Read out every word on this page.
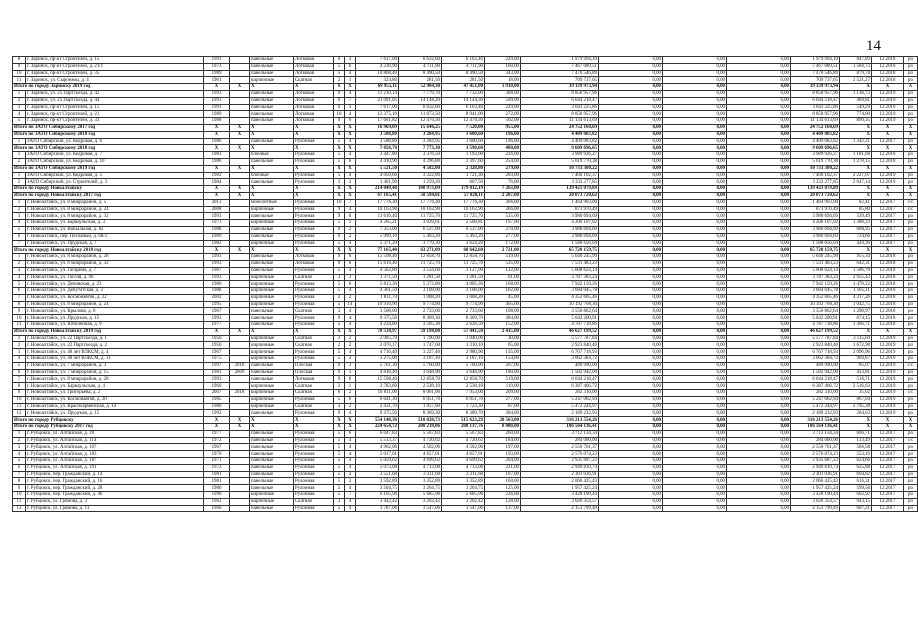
14
8	г. Заринск, пр-кт Строителей, д. 15	1991		панельные	Лотковая	9	3	7 617,00	6 632,60	6 163,40	229,00	1 979 994,10	0,00	0,00	0,00	1 979 994,10	847,89	12.2018	ро
9	г. Заринск, пр-кт Строителей, д. 21/1	1973		панельные	Лотковая	5	6	4 236,90	4 711,90	4 711,90	160,00	7 467 089,51	0,00	0,00	0,00	7 467 089,51	1 584,73	12.2018	ро
10	г. Заринск, пр-кт Строителей, д. 35	1989		панельные	Лотковая	5	4	10 808,40	8 490,50	8 490,50	343,00	7 470 546,89	0,00	0,00	0,00	7 470 546,89	879,78	12.2018	ро
11	г. Заринск, ул. Сыроежко, д. 4	1961		кирпичные	Скатная	2	1	324,80	281,50	281,50	18,00	709 737,65	0,00	0,00	0,00	709 737,65	2 521,27	12.2018	ро
Итого по городу Заринску 2019 год		X	X	X	X	X	X	69 955,11	52 904,30	47 451,00	1 910,00	39 139 973,94	0,00	0,00	0,00	39 139 973,94	X	X	X
1	г. Заринск, ул. 25 Партсъезда, д. 42	1993		панельные	Лотковая	9	4	11 210,14	7 779,70	7 732,00	308,00	8 858 957,96	0,00	0,00	0,00	8 858 957,96	1 138,73	12.2019	ро
2	г. Заринск, ул. 25 Партсъезда, д. 44	1993		панельные	Лотковая	9	7	21 091,05	14 148,20	14 144,30	599,00	6 644 218,47	0,00	0,00	0,00	6 644 218,47	469,81	12.2019	ро
3	г. Заринск, пр-кт Строителей, д. 15	1991		панельные	Лотковая	9	3	7 617,00	6 632,60	6 163,40	229,00	3 643 225,86	0,00	0,00	0,00	3 643 225,86	549,29	12.2019	ро
4	г. Заринск, пр-кт Строителей, д. 21	1989		панельные	Лотковая	10	4	12 375,10	11 873,50	8 941,00	272,00	8 858 957,96	0,00	0,00	0,00	8 858 957,96	774,00	12.2019	ро
5	г. Заринск, пр-кт Строителей, д. 33	1988		панельные	Лотковая	9	6	17 661,82	12 470,30	12 470,30	502,00	11 134 613,69	0,00	0,00	0,00	11 134 613,69	890,35	12.2019	ро
Итого по ЗАТО Сибирскому 2017 год		X	X	X	X	X	X	16 969,09	15 646,25	7 520,00	955,00	24 752 160,69	0,00	0,00	0,00	24 752 160,69	X	X	X
Итого по ЗАТО Сибирскому 2018 год		X	X	X	X	X	X	3 588,80	3 284,95	1 600,60	196,00	4 409 083,82	0,00	0,00	0,00	4 409 083,82	X	X	X
1	ЗАТО Сибирский, ул. Кедровая, д. 6	1986		панельные	Рулонная	5	4	3 588,80	3 284,95	1 600,60	196,00	4 409 083,82	0,00	0,00	0,00	4 409 083,82	1 342,21	12.2017	ро
Итого по ЗАТО Сибирскому 2018 год		X	X	X	X	X	X	7 858,70	7 773,30	3 590,60	480,00	9 609 696,65	0,00	0,00	0,00	9 609 696,65	X	X	X
1	ЗАТО Сибирский, ул. Кедровая, д. 7	1983		блочные	Рулонная	5	4	3 447,80	3 376,50	1 193,00	226,00	3 989 926,27	0,00	0,00	0,00	3 989 926,27	1 181,68	12.2018	ро
2	ЗАТО Сибирский, ул. Кедровая, д. 10	1986		панельные	Рулонная	5	6	4 410,90	4 396,80	2 397,60	254,00	5 619 770,38	0,00	0,00	0,00	5 619 770,38	1 278,15	12.2018	ро
Итого по ЗАТО Сибирскому 2019 год		X	X	X	X	X	X	5 521,50	4 582,00	2 328,80	279,00	10 733 380,22	0,00	0,00	0,00	10 733 380,22	X	X	X
1	ЗАТО Сибирский, ул. Кедровая, д. 5	1982		блочные	Рулонная	5	4	4 059,60	3 322,80	1 721,30	203,00	7 400 102,37	0,00	0,00	0,00	7 400 102,37	2 227,07	12.2019	ро
2	ЗАТО Сибирский, ул. Строителей, д. 3	1984		панельные	Рулонная	3	3	1 461,90	1 259,20	607,50	76,00	3 333 277,85	0,00	0,00	0,00	3 333 277,85	2 647,14	12.2019	ро
Итого по городу Новоалтайску		X	X	X	X	X	X	214 849,48	180 973,09	179 012,19	7 263,00	139 421 079,89	0,00	0,00	0,00	139 421 079,89	X	X	X
Итого по городу Новоалтайску 2017 год		X	X	X	X	X	X	67 165,41	58 594,01	57 828,11	2 207,00	20 073 720,62	0,00	0,00	0,00	20 073 720,62	X	X	X
1	г. Новоалтайск, ул. 8 микрорайон, д. 5	2013		монолитные	Рулонная	10	7	17 776,30	17 776,30	17 776,30	366,00	1 464 903,00	0,00	0,00	0,00	1 464 903,00	82,41	12.2017	с/с
2	г. Новоалтайск, ул. 8 микрорайон, д. 24	2008		кирпичные	Рулонная	9	4	10 163,90	10 162,90	10 162,90	366,00	871 970,49	0,00	0,00	0,00	871 970,49	85,80	12.2017	с/с
3	г. Новоалтайск, ул. 8 микрорайон, д. 32	1993		панельные	Рулонная	9	6	11 616,40	11 725,70	11 725,70	535,00	3 980 694,69	0,00	0,00	0,00	3 980 694,69	339,49	12.2017	ро
4	г. Новоалтайск, ул. Барнаульская, д. 3	1971		кирпичные	Рулонная	5	1	4 265,21	3 029,61	2 508,81	197,00	4 206 107,02	0,00	0,00	0,00	4 206 107,02	1 388,33	12.2017	ро
5	г. Новоалтайск, ул. Вокзальная, д. 82	1988		панельные	Рулонная	9	2	7 353,00	6 537,00	6 537,00	270,00	3 980 694,69	0,00	0,00	0,00	3 980 694,69	608,95	12.2017	ро
6	г. Новоалтайск, пер. Песчаный, д. 68/2	1989		панельные	Рулонная	9	2	5 999,10	5 493,20	5 493,20	277,00	3 980 694,69	0,00	0,00	0,00	3 980 694,69	724,66	12.2017	ро
7	г. Новоалтайск, ул. Прудская, д. 7	1982		кирпичные	Рулонная	5	4	5 371,20	3 779,30	3 624,20	172,00	1 588 656,04	0,00	0,00	0,00	1 588 656,04	420,36	12.2017	ро
Итого по городу Новоалтайску 2018 год		X	X	X	X	X	X	77 165,40	63 271,09	60 642,60	2 721,00	65 720 159,75	0,00	0,00	0,00	65 720 159,75	X	X	X
1	г. Новоалтайск, ул. 8 микрорайон, д. 28	1993		панельные	Лотковая	9	6	15 598,40	12 858,70	12 858,70	519,00	5 640 245,99	0,00	0,00	0,00	5 640 245,99	955,34	12.2018	ро
2	г. Новоалтайск, ул. 8 микрорайон, д. 32	1993		панельные	Лотковая	9	6	15 616,40	11 725,70	11 725,70	535,00	7 531 483,23	0,00	0,00	0,00	7 531 483,23	642,31	12.2018	ро
3	г. Новоалтайск, ул. Гагарина, д. 7	1967		панельные	Рулонная	5	4	4 563,80	3 534,60	3 127,90	122,00	5 608 624,14	0,00	0,00	0,00	5 608 624,14	1 586,78	12.2018	ро
4	г. Новоалтайск, ул. Гоголя, д. 96	1993		кирпичные	Скатная	3	3	1 371,50	1 281,50	1 281,50	61,00	3 787 383,24	0,00	0,00	0,00	3 787 383,24	2 955,43	12.2018	ро
5	г. Новоалтайск, ул. Деповская, д. 23	1980		кирпичные	Рулонная	5	6	5 813,30	5 372,80	4 005,30	168,00	7 942 159,26	0,00	0,00	0,00	7 942 159,26	1 478,22	12.2018	ро
6	г. Новоалтайск, ул. Депутатская, д. 2	1988		кирпичные	Рулонная	5	4	4 361,50	3 108,00	3 108,00	162,00	3 684 045,78	0,00	0,00	0,00	3 684 045,78	1 185,11	12.2018	ро
7	г. Новоалтайск, ул. Космонавтов, д. 22	2002		кирпичные	Рулонная	2	2	1 811,70	1 008,20	1 008,20	45,00	4 352 665,46	0,00	0,00	0,00	4 352 665,46	4 317,26	12.2018	ро
8	г. Новоалтайск, ул. 8 микрорайон, д. 24	1995		кирпичные	Рулонная	5	14	10 910,90	9 774,90	9 774,90	465,00	10 192 768,30	0,00	0,00	0,00	10 192 768,30	1 042,75	12.2018	ро
9	г. Новоалтайск, ул. Крылова, д. 8	1967		панельные	Скатная	3	4	3 508,00	2 733,60	2 733,60	108,00	3 550 862,64	0,00	0,00	0,00	3 550 862,64	1 298,97	12.2018	ро
10	г. Новоалтайск, ул. Прудская, д. 15	1992		панельные	Рулонная	9	4	9 375,50	8 369,30	8 369,70	384,00	5 642 200,91	0,00	0,00	0,00	5 642 200,91	674,15	12.2018	ро
11	г. Новоалтайск, ул. Юбилейная, д. 9	1977		панельные	Рулонная	5	4	4 234,80	3 505,30	2 628,50	152,00	4 787 718,86	0,00	0,00	0,00	4 787 718,86	1 366,71	12.2018	ро
Итого по городу Новоалтайску 2019 год		X	X	X	X	X	X	70 538,97	59 198,08	57 441,50	2 415,00	46 627 199,52	0,00	0,00	0,00	46 627 199,52	X	X	X
1	г. Новоалтайск, ул. 22 Партсъезда, д. 1	1950		кирпичные	Скатная	3	2	2 005,70	1 790,00	1 040,00	30,00	5 577 787,84	0,00	0,00	0,00	5 577 787,84	3 115,04	12.2019	ро
2	г. Новоалтайск, ул. 22 Партсъезда, д. 2	1956		кирпичные	Скатная	2	2	2 070,17	1 747,68	1 310,10	65,00	2 923 840,40	0,00	0,00	0,00	2 923 840,40	1 672,98	12.2019	ро
3	г. Новоалтайск, ул. 40 лет ВЛКСМ, д. 4	1967		кирпичные	Рулонная	5	4	4 716,40	3 227,40	2 980,90	135,00	6 767 718,93	0,00	0,00	0,00	6 767 718,93	2 096,96	12.2019	ро
4	г. Новоалтайск, ул. 40 лет ВЛКСМ, д. 11	1975		кирпичные	Рулонная	5	3	3 275,00	3 187,10	3 187,10	154,00	3 062 384,72	0,00	0,00	0,00	3 062 384,72	960,87	12.2019	ро
5	г. Новоалтайск, ул. 7 микрорайон, д. 3	1997	2018	панельные	Плоская	9	3	5 761,30	5 760,00	5 760,00	267,00	489 990,00	0,00	0,00	0,00	489 990,00	85,07	12.2019	с/с
6	г. Новоалтайск, ул. 7 микрорайон, д. 15	1981	2009	панельные	Плоская	9	3	4 818,40	3 648,90	3 648,90	180,00	1 582 942,00	0,00	0,00	0,00	1 582 942,00	433,81	12.2019	ро
7	г. Новоалтайск, ул. 8 микрорайон, д. 28	1993		панельные	Лотковая	9	6	15 598,40	12 858,70	12 858,70	519,00	6 644 218,47	0,00	0,00	0,00	6 644 218,47	516,71	12.2019	ро
8	г. Новоалтайск, ул. Барнаульская, д. 4	1960		кирпичные	Скатная	2	1	3 783,60	2 538,10	2 538,10	119,00	6 387 466,72	0,00	0,00	0,00	6 387 466,72	2 516,63	12.2019	ро
9	г. Новоалтайск, ул. Григорьева, д. 2	2007	2018	кирпичные	Скатная	6	2	10 811,00	8 061,00	7 953,00	209,00	282 310,00	0,00	0,00	0,00	282 310,00	35,02	12.2019	с/с
10	г. Новоалтайск, ул. Космонавтов, д. 20	1985		кирпичные	Рулонная	5	6	6 641,30	6 051,70	6 051,70	277,00	5 247 062,94	0,00	0,00	0,00	5 247 062,94	867,04	12.2019	ро
11	г. Новоалтайск, ул. Красноармейская, д. 14	1980		кирпичные	Скатная	3	2	2 431,70	1 957,60	1 723,30	67,00	5 472 244,97	0,00	0,00	0,00	5 472 244,97	2 795,38	12.2019	ро
12	г. Новоалтайск, ул. Прудская, д. 15	1992		панельные	Рулонная	9	4	9 375,50	8 369,30	8 389,70	384,00	2 189 232,93	0,00	0,00	0,00	2 189 232,93	264,63	12.2019	ро
Итого по городу Рубцовску		X	X	X	X	X	X	554 148,36	510 828,73	515 623,29	20 563,00	316 213 554,26	0,00	0,00	0,00	316 213 554,26	X	X	X
Итого по городу Рубцовску 2017 год		X	X	X	X	X	X	224 654,72	208 218,06	208 137,76	8 080,00	106 564 136,41	0,00	0,00	0,00	106 564 136,41	X	X	X
1	г. Рубцовск, ул. Алтайская, д. 39	1977		панельные	Рулонная	5	6	6 047,83	5 567,83	5 567,83	260,00	3 712 134,34	0,00	0,00	0,00	3 712 134,34	666,71	12.2017	ро
2	г. Рубцовск, ул. Алтайская, д. 114	1972		панельные	Рулонная	5	4	5 513,37	4 720,62	4 720,62	184,00	284 000,00	0,00	0,00	0,00	284 000,00	133,49	12.2017	с/с
3	г. Рубцовск, ул. Алтайская, д. 167	1967		панельные	Рулонная	5	4	4 962,06	4 502,06	4 502,06	197,00	2 550 761,37	0,00	0,00	0,00	2 550 761,37	566,58	12.2017	ро
4	г. Рубцовск, ул. Алтайская, д. 183	1970		панельные	Рулонная	5	4	5 017,01	4 657,01	4 657,01	193,00	2 576 074,23	0,00	0,00	0,00	2 576 074,23	553,16	12.2017	ро
5	г. Рубцовск, ул. Алтайская, д. 187	1971		панельные	Рулонная	5	4	5 059,62	4 699,62	4 699,62	204,00	2 935 687,23	0,00	0,00	0,00	2 935 687,23	624,66	12.2017	ро
6	г. Рубцовск, ул. Алтайская, д. 191	1972		панельные	Рулонная	5	4	5 073,08	4 713,08	4 713,08	221,00	2 949 810,74	0,00	0,00	0,00	2 949 810,74	625,88	12.2017	ро
7	г. Рубцовск, пер. Гражданский, д. 14	1981		панельные	Рулонная	5	3	3 551,68	3 311,68	3 311,68	107,00	2 301 036,91	0,00	0,00	0,00	2 301 036,91	694,82	12.2017	ро
8	г. Рубцовск, пер. Гражданский, д. 16	1981		панельные	Рулонная	5	3	3 592,89	3 352,89	3 352,89	160,00	2 066 425,43	0,00	0,00	0,00	2 066 425,43	616,31	12.2017	ро
9	г. Рубцовск, пер. Гражданский, д. 28	1980		панельные	Рулонная	5	4	3 504,75	3 264,75	3 264,75	125,00	1 957 425,24	0,00	0,00	0,00	1 957 425,24	599,56	12.2017	ро
10	г. Рубцовск, пер. Гражданский, д. 46	1990		кирпичные	Рулонная	5	7	6 105,98	5 685,98	5 685,98	236,00	3 428 190,44	0,00	0,00	0,00	3 428 190,44	602,92	12.2017	ро
11	г. Рубцовск, ул. Громова, д. 2	1962		кирпичные	Скатная	3	4	3 442,42	3 202,42	3 202,42	128,00	3 020 354,57	0,00	0,00	0,00	3 020 354,57	943,15	12.2017	ро
12	г. Рубцовск, ул. Громова, д. 11	1966		панельные	Рулонная	5	4	3 787,06	3 547,06	3 547,06	137,00	2 153 799,49	0,00	0,00	0,00	2 153 799,49	607,21	12.2017	ро
